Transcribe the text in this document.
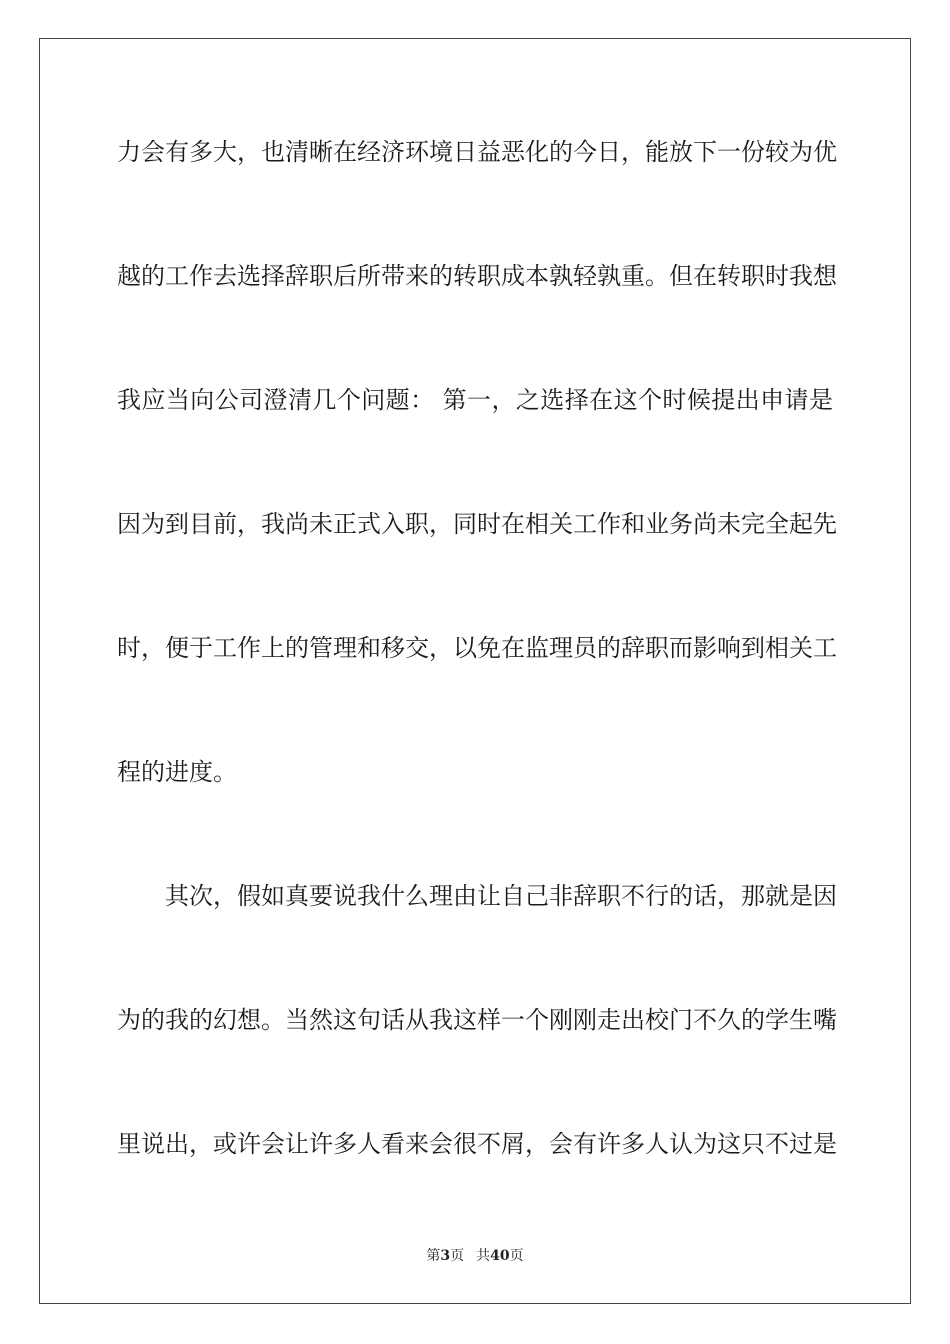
力会有多大，也清晰在经济环境日益恶化的今日，能放下一份较为优
越的工作去选择辞职后所带来的转职成本孰轻孰重。但在转职时我想
我应当向公司澄清几个问题： 第一，之选择在这个时候提出申请是
因为到目前，我尚未正式入职，同时在相关工作和业务尚未完全起先
时，便于工作上的管理和移交，以免在监理员的辞职而影响到相关工
程的进度。
其次，假如真要说我什么理由让自己非辞职不行的话，那就是因
为的我的幻想。当然这句话从我这样一个刚刚走出校门不久的学生嘴
里说出，或许会让许多人看来会很不屑，会有许多人认为这只不过是
第3页 共40页
